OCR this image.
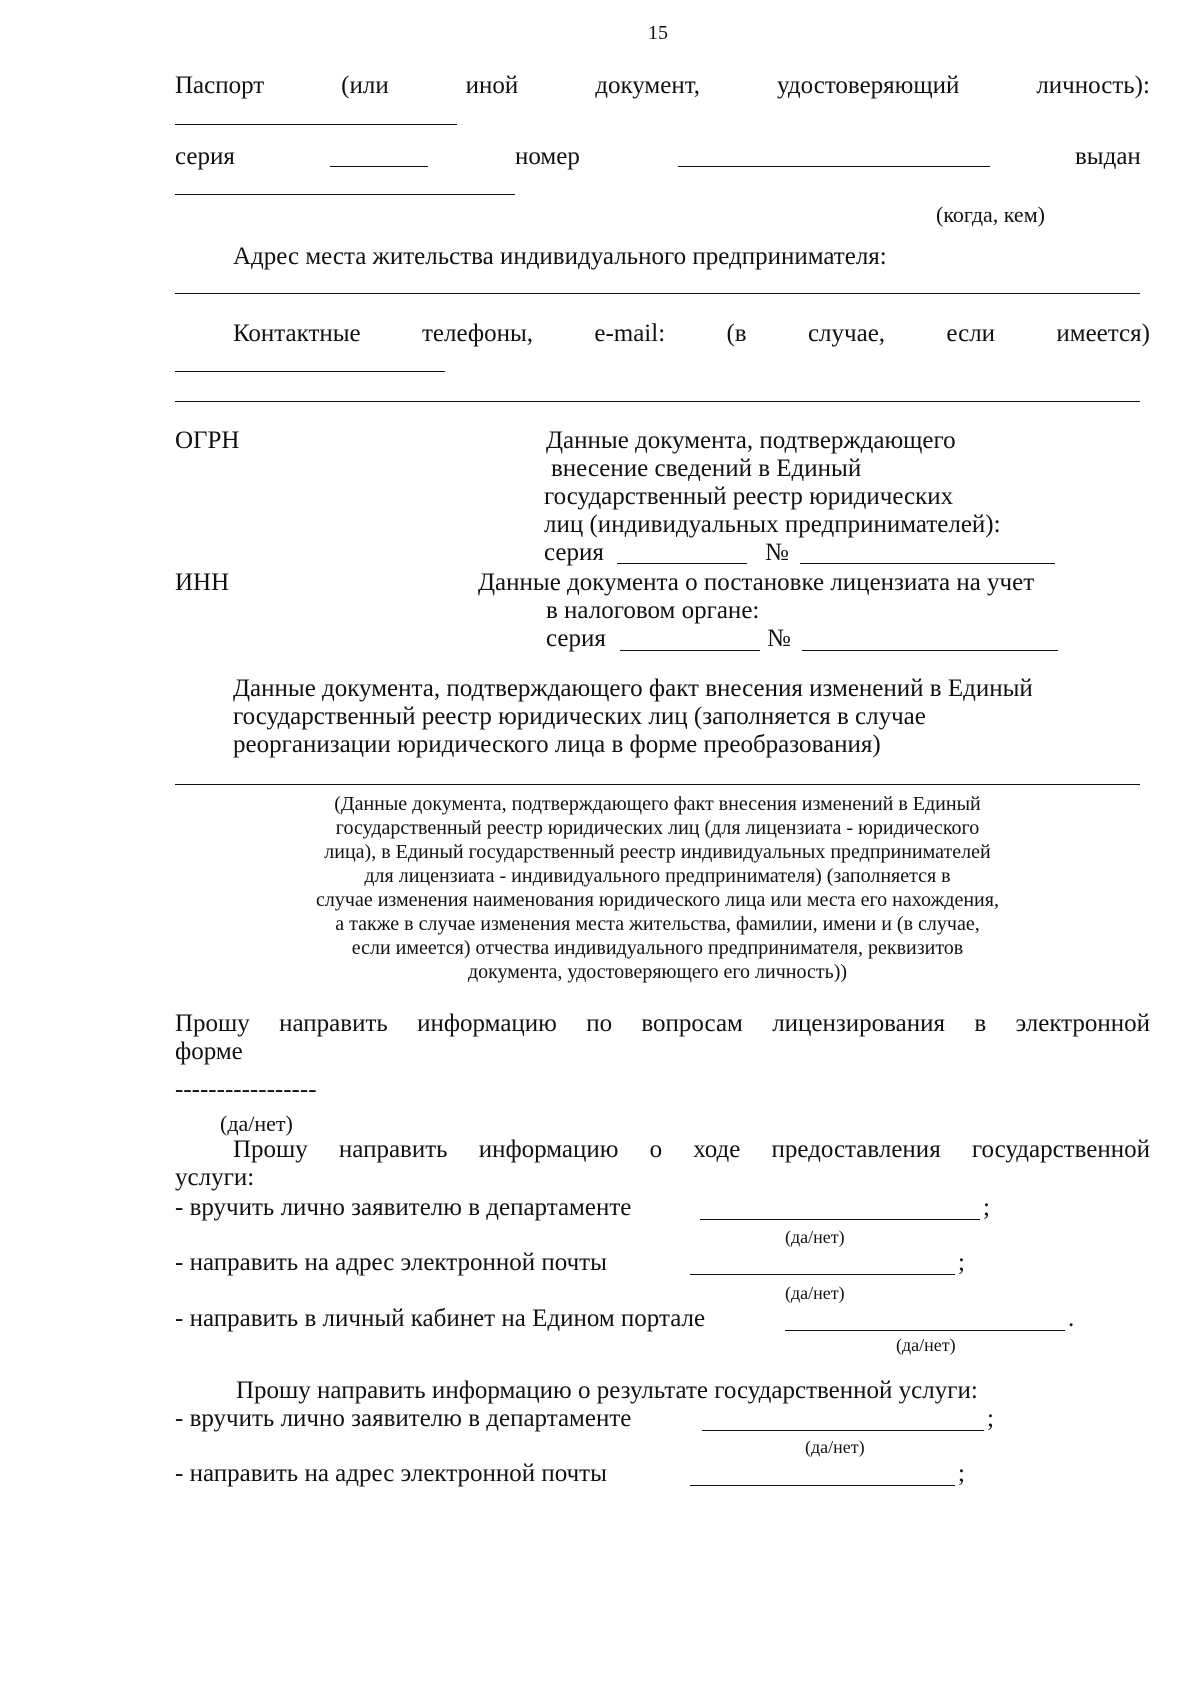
15
Паспорт	(или	иной	документ,	удостоверяющий	личность):
серия	номер	выдан
(когда, кем)
Адрес места жительства индивидуального предпринимателя:
Контактные телефоны, e-mail: (в случае, если имеется)
ОГРН	Данные документа, подтверждающего
внесение сведений в Единый
государственный реестр юридических
лиц (индивидуальных предпринимателей):
серия	№
ИНН	Данные документа о постановке лицензиата на учет
в налоговом органе:
серия	№
Данные документа, подтверждающего факт внесения изменений в Единый
государственный реестр юридических лиц (заполняется в случае
реорганизации юридического лица в форме преобразования)
(Данные документа, подтверждающего факт внесения изменений в Единый
государственный реестр юридических лиц (для лицензиата - юридического
лица), в Единый государственный реестр индивидуальных предпринимателей
для лицензиата - индивидуального предпринимателя) (заполняется в
случае изменения наименования юридического лица или места его нахождения,
а также в случае изменения места жительства, фамилии, имени и (в случае,
если имеется) отчества индивидуального предпринимателя, реквизитов
документа, удостоверяющего его личность))
Прошу направить информацию по вопросам лицензирования в электронной
форме
-----------------
(да/нет)
Прошу направить информацию о ходе предоставления государственной
услуги:
- вручить лично заявителю в департаменте	;
(да/нет)
- направить на адрес электронной почты	;
(да/нет)
- направить в личный кабинет на Едином портале	.
(да/нет)
Прошу направить информацию о результате государственной услуги:
- вручить лично заявителю в департаменте	;
(да/нет)
- направить на адрес электронной почты	;
